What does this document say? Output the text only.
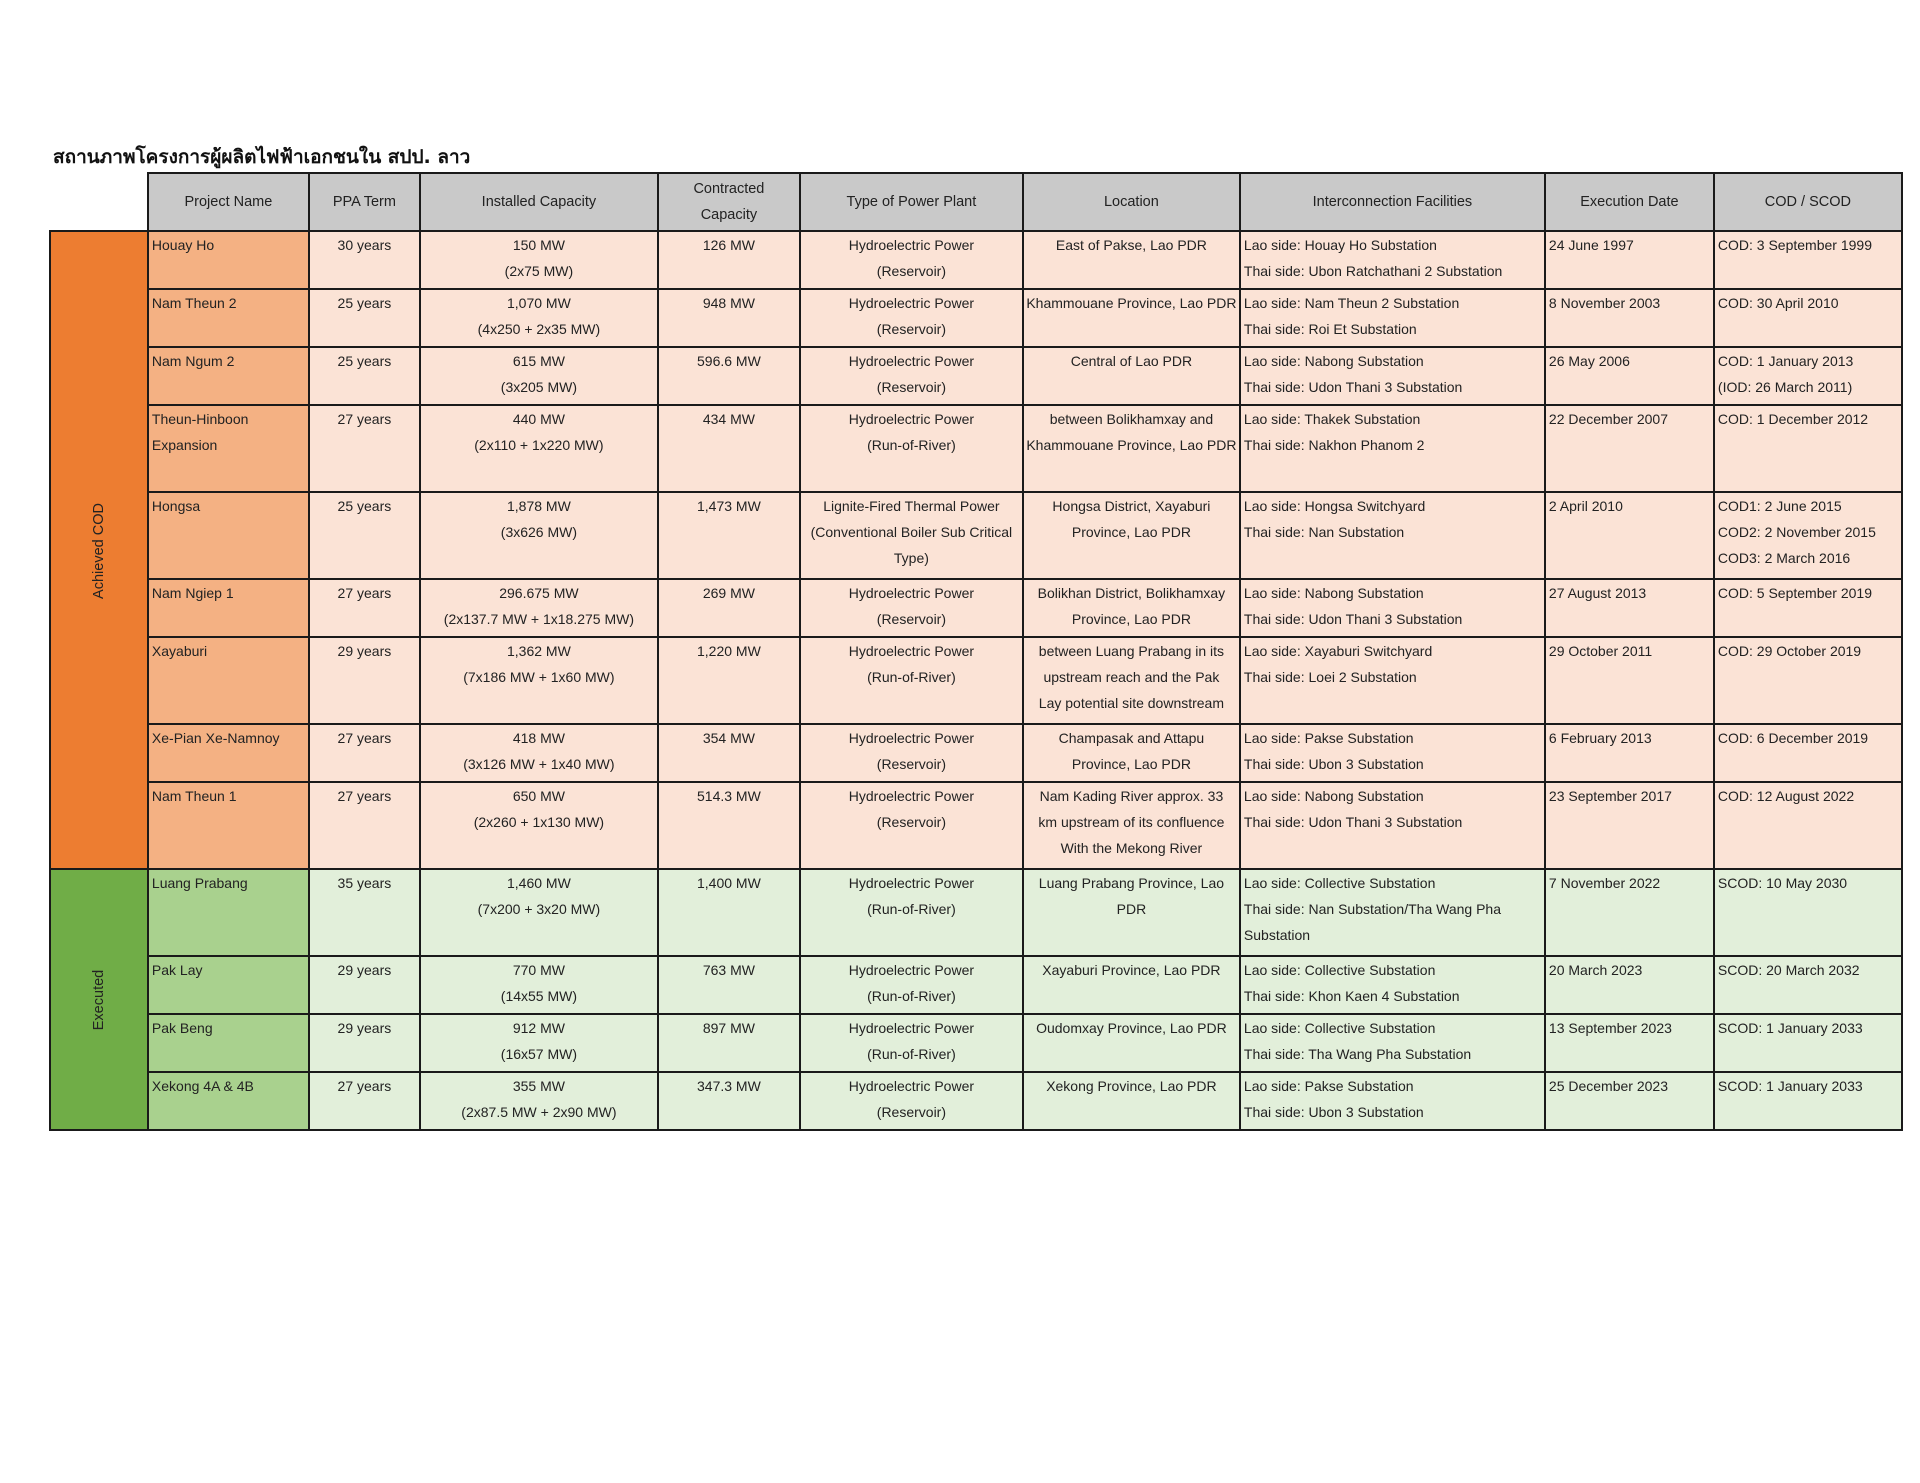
สถานภาพโครงการผู้ผลิตไฟฟ้าเอกชนใน สปป. ลาว
	Project Name	PPA Term	Installed Capacity	Contracted
Capacity	Type of Power Plant	Location	Interconnection Facilities	Execution Date	COD / SCOD
Achieved COD	Houay Ho	30 years	150 MW
(2x75 MW)	126 MW	Hydroelectric Power
(Reservoir)	East of Pakse, Lao PDR	Lao side: Houay Ho Substation
Thai side: Ubon Ratchathani 2 Substation	24 June 1997	COD: 3 September 1999

	Nam Theun 2	25 years	1,070 MW
(4x250 + 2x35 MW)	948 MW	Hydroelectric Power
(Reservoir)	Khammouane Province, Lao PDR	Lao side: Nam Theun 2 Substation
Thai side: Roi Et Substation	8 November 2003	COD: 30 April 2010

	Nam Ngum 2	25 years	615 MW
(3x205 MW)	596.6 MW	Hydroelectric Power
(Reservoir)	Central of Lao PDR	Lao side: Nabong Substation
Thai side: Udon Thani 3 Substation	26 May 2006	COD: 1 January 2013
(IOD: 26 March 2011)

	Theun-Hinboon
Expansion	27 years	440 MW
(2x110 + 1x220 MW)	434 MW	Hydroelectric Power
(Run-of-River)	between Bolikhamxay and
Khammouane Province, Lao PDR	Lao side: Thakek Substation
Thai side: Nakhon Phanom 2	22 December 2007	COD: 1 December 2012

	Hongsa	25 years	1,878 MW
(3x626 MW)	1,473 MW	Lignite-Fired Thermal Power
(Conventional Boiler Sub Critical
Type)	Hongsa District, Xayaburi
Province, Lao PDR	Lao side: Hongsa Switchyard
Thai side: Nan Substation	2 April 2010	COD1: 2 June 2015
COD2: 2 November 2015
COD3: 2 March 2016

	Nam Ngiep 1	27 years	296.675 MW
(2x137.7 MW + 1x18.275 MW)	269 MW	Hydroelectric Power
(Reservoir)	Bolikhan District, Bolikhamxay
Province, Lao PDR	Lao side: Nabong Substation
Thai side: Udon Thani 3 Substation	27 August 2013	COD: 5 September 2019

	Xayaburi	29 years	1,362 MW
(7x186 MW + 1x60 MW)	1,220 MW	Hydroelectric Power
(Run-of-River)	between Luang Prabang in its
upstream reach and the Pak
Lay potential site downstream	Lao side: Xayaburi Switchyard
Thai side: Loei 2 Substation	29 October 2011	COD: 29 October 2019

	Xe-Pian Xe-Namnoy	27 years	418 MW
(3x126 MW + 1x40 MW)	354 MW	Hydroelectric Power
(Reservoir)	Champasak and Attapu
Province, Lao PDR	Lao side: Pakse Substation
Thai side: Ubon 3 Substation	6 February 2013	COD: 6 December 2019

	Nam Theun 1	27 years	650 MW
(2x260 + 1x130 MW)	514.3 MW	Hydroelectric Power
(Reservoir)	Nam Kading River approx. 33
km upstream of its confluence
With the Mekong River	Lao side: Nabong Substation
Thai side: Udon Thani 3 Substation	23 September 2017	COD: 12 August 2022

Executed	Luang Prabang	35 years	1,460 MW
(7x200 + 3x20 MW)	1,400 MW	Hydroelectric Power
(Run-of-River)	Luang Prabang Province, Lao
PDR	Lao side: Collective Substation
Thai side: Nan Substation/Tha Wang Pha
Substation	7 November 2022	SCOD: 10 May 2030

	Pak Lay	29 years	770 MW
(14x55 MW)	763 MW	Hydroelectric Power
(Run-of-River)	Xayaburi Province, Lao PDR	Lao side: Collective Substation
Thai side: Khon Kaen 4 Substation	20 March 2023	SCOD: 20 March 2032

	Pak Beng	29 years	912 MW
(16x57 MW)	897 MW	Hydroelectric Power
(Run-of-River)	Oudomxay Province, Lao PDR	Lao side: Collective Substation
Thai side: Tha Wang Pha Substation	13 September 2023	SCOD: 1 January 2033

	Xekong 4A & 4B	27 years	355 MW
(2x87.5 MW + 2x90 MW)	347.3 MW	Hydroelectric Power
(Reservoir)	Xekong Province, Lao PDR	Lao side: Pakse Substation
Thai side: Ubon 3 Substation	25 December 2023	SCOD: 1 January 2033
